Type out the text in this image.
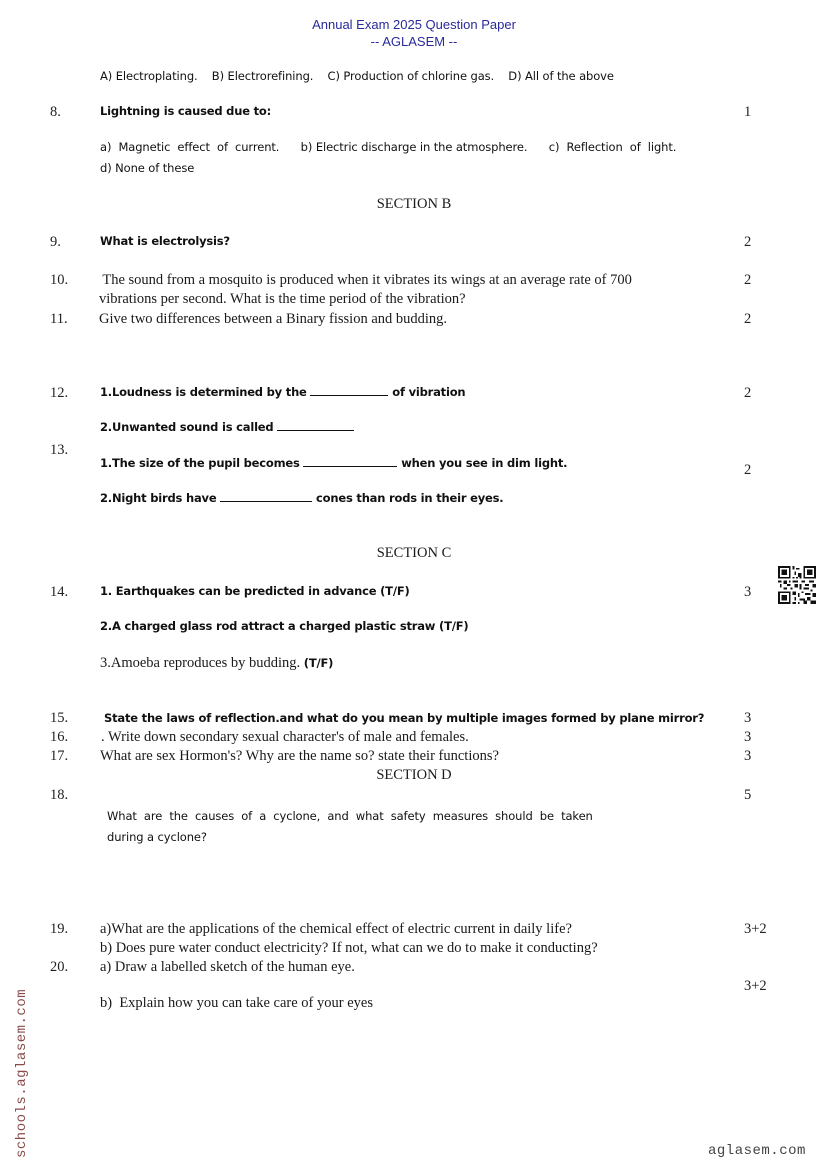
Annual Exam 2025 Question Paper
-- AGLASEM --
A) Electroplating.    B) Electrorefining.    C) Production of chlorine gas.    D) All of the above
8.	Lightning is caused due to:	1
a)  Magnetic  effect  of  current.      b) Electric discharge in the atmosphere.      c)  Reflection  of  light.
d) None of these
SECTION B
9.	What is electrolysis?	2
10. The sound from a mosquito is produced when it vibrates its wings at an average rate of 700	2
vibrations per second. What is the time period of the vibration?
11. Give two differences between a Binary fission and budding.	2
12.	1.Loudness is determined by the	of vibration	2
2.Unwanted sound is called
13.
1.The size of the pupil becomes	when you see in dim light.	2
2.Night birds have	cones than rods in their eyes.
SECTION C
14.	1. Earthquakes can be predicted in advance (T/F)	3
2.A charged glass rod attract a charged plastic straw (T/F)
3.Amoeba reproduces by budding. (T/F)
15.	State the laws of reflection.and what do you mean by multiple images formed by plane mirror?	3
16. . Write down secondary sexual character's of male and females.	3
17. What are sex Hormon's? Why are the name so? state their functions?	3
SECTION D
18.	5
What  are  the  causes  of  a  cyclone,  and  what  safety  measures  should  be  taken
during a cyclone?
19. a)What are the applications of the chemical effect of electric current in daily life?	3+2
b) Does pure water conduct electricity? If not, what can we do to make it conducting?
20. a) Draw a labelled sketch of the human eye.
3+2
b)  Explain how you can take care of your eyes
schools.aglasem.com	aglasem.com
